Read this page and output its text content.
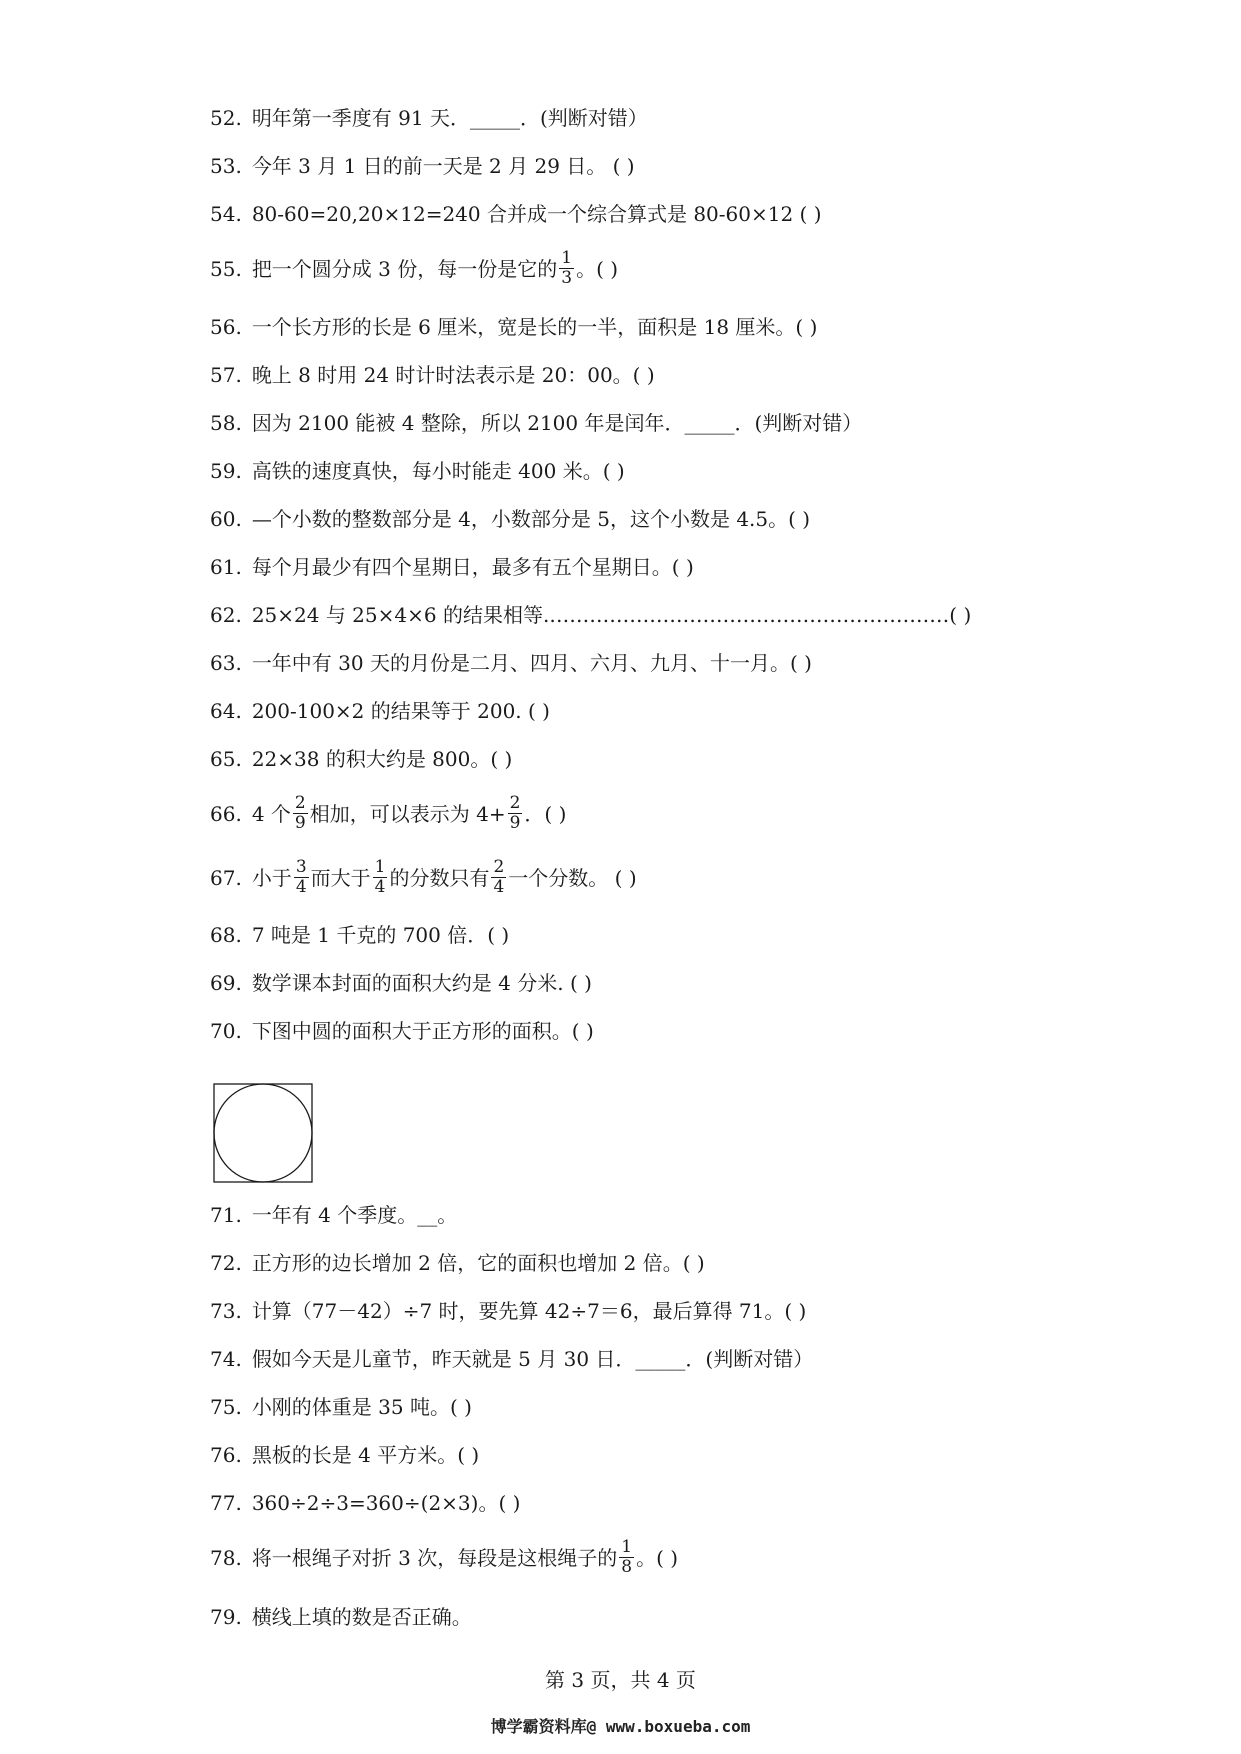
52. 明年第一季度有 91 天．_____．(判断对错）
53. 今年 3 月 1 日的前一天是 2 月 29 日。 ( )
54. 80-60=20,20×12=240 合并成一个综合算式是 80-60×12 ( )
55. 把一个圆分成 3 份，每一份是它的 $\frac{1}{3}$ 。( )
56. 一个长方形的长是 6 厘米，宽是长的一半，面积是 18 厘米。( )
57. 晚上 8 时用 24 时计时法表示是 20：00。( )
58. 因为 2100 能被 4 整除，所以 2100 年是闰年．_____．(判断对错）
59. 高铁的速度真快，每小时能走 400 米。( )
60. —个小数的整数部分是 4，小数部分是 5，这个小数是 4.5。( )
61. 每个月最少有四个星期日，最多有五个星期日。( )
62. 25×24 与 25×4×6 的结果相等.……………………………………………………( )
63. 一年中有 30 天的月份是二月、四月、六月、九月、十一月。( )
64. 200-100×2 的结果等于 200. ( )
65. 22×38 的积大约是 800。( )
66. 4 个 $\frac{2}{9}$ 相加，可以表示为 $4+ \frac{2}{9}$ ．( )
67. 小于 $\frac{3}{4}$ 而大于 $\frac{1}{4}$ 的分数只有 $\frac{2}{4}$ 一个分数。 ( )
68. 7 吨是 1 千克的 700 倍．( )
69. 数学课本封面的面积大约是 4 分米. ( )
70. 下图中圆的面积大于正方形的面积。( )
71. 一年有 4 个季度。__。
72. 正方形的边长增加 2 倍，它的面积也增加 2 倍。( )
73. 计算（77－42）÷7 时，要先算 42÷7＝6，最后算得 71。( )
74. 假如今天是儿童节，昨天就是 5 月 30 日．_____．(判断对错）
75. 小刚的体重是 35 吨。( )
76. 黑板的长是 4 平方米。( )
77. 360÷2÷3=360÷(2×3)。( )
78. 将一根绳子对折 3 次，每段是这根绳子的 $\frac{1}{8}$ 。( )
79. 横线上填的数是否正确。
第 3 页，共 4 页
博学霸资料库@ www.boxueba.com
